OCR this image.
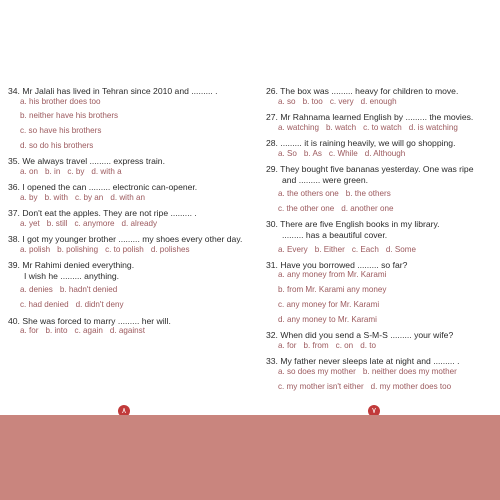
34. Mr Jalali has lived in Tehran since 2010 and ......... .

a. his brother does too
b. neither have his brothers
c. so have his brothers
d. so do his brothers

35. We always travel ......... express train.

a. on b. in c. by d. with a

36. I opened the can ......... electronic can-opener.

a. by b. with c. by an d. with an

37. Don't eat the apples. They are not ripe ......... .

a. yet b. still c. anymore d. already

38. I got my younger brother ......... my shoes every other day.

a. polish b. polishing c. to polish d. polishes

39. Mr Rahimi denied everything.

I wish he ......... anything.

a. denies b. hadn't denied
c. had denied d. didn't deny

40. She was forced to marry ......... her will.

a. for b. into c. again d. against

26. The box was ......... heavy for children to move.

a. so b. too c. very d. enough

27. Mr Rahnama learned English by ......... the movies.

a. watching b. watch c. to watch d. is watching

28. ......... it is raining heavily, we will go shopping.

a. So b. As c. While d. Although

29. They bought five bananas yesterday. One was ripe

and ......... were green.

a. the others one b. the others
c. the other one d. another one

30. There are five English books in my library.

......... has a beautiful cover.

a. Every b. Either c. Each d. Some

31. Have you borrowed ......... so far?

a. any money from Mr. Karami
b. from Mr. Karami any money
c. any money for Mr. Karami
d. any money to Mr. Karami

32. When did you send a S-M-S ......... your wife?

a. for b. from c. on d. to

33. My father never sleeps late at night and ......... .

a. so does my mother b. neither does my mother
c. my mother isn't either d. my mother does too
٨	٧
